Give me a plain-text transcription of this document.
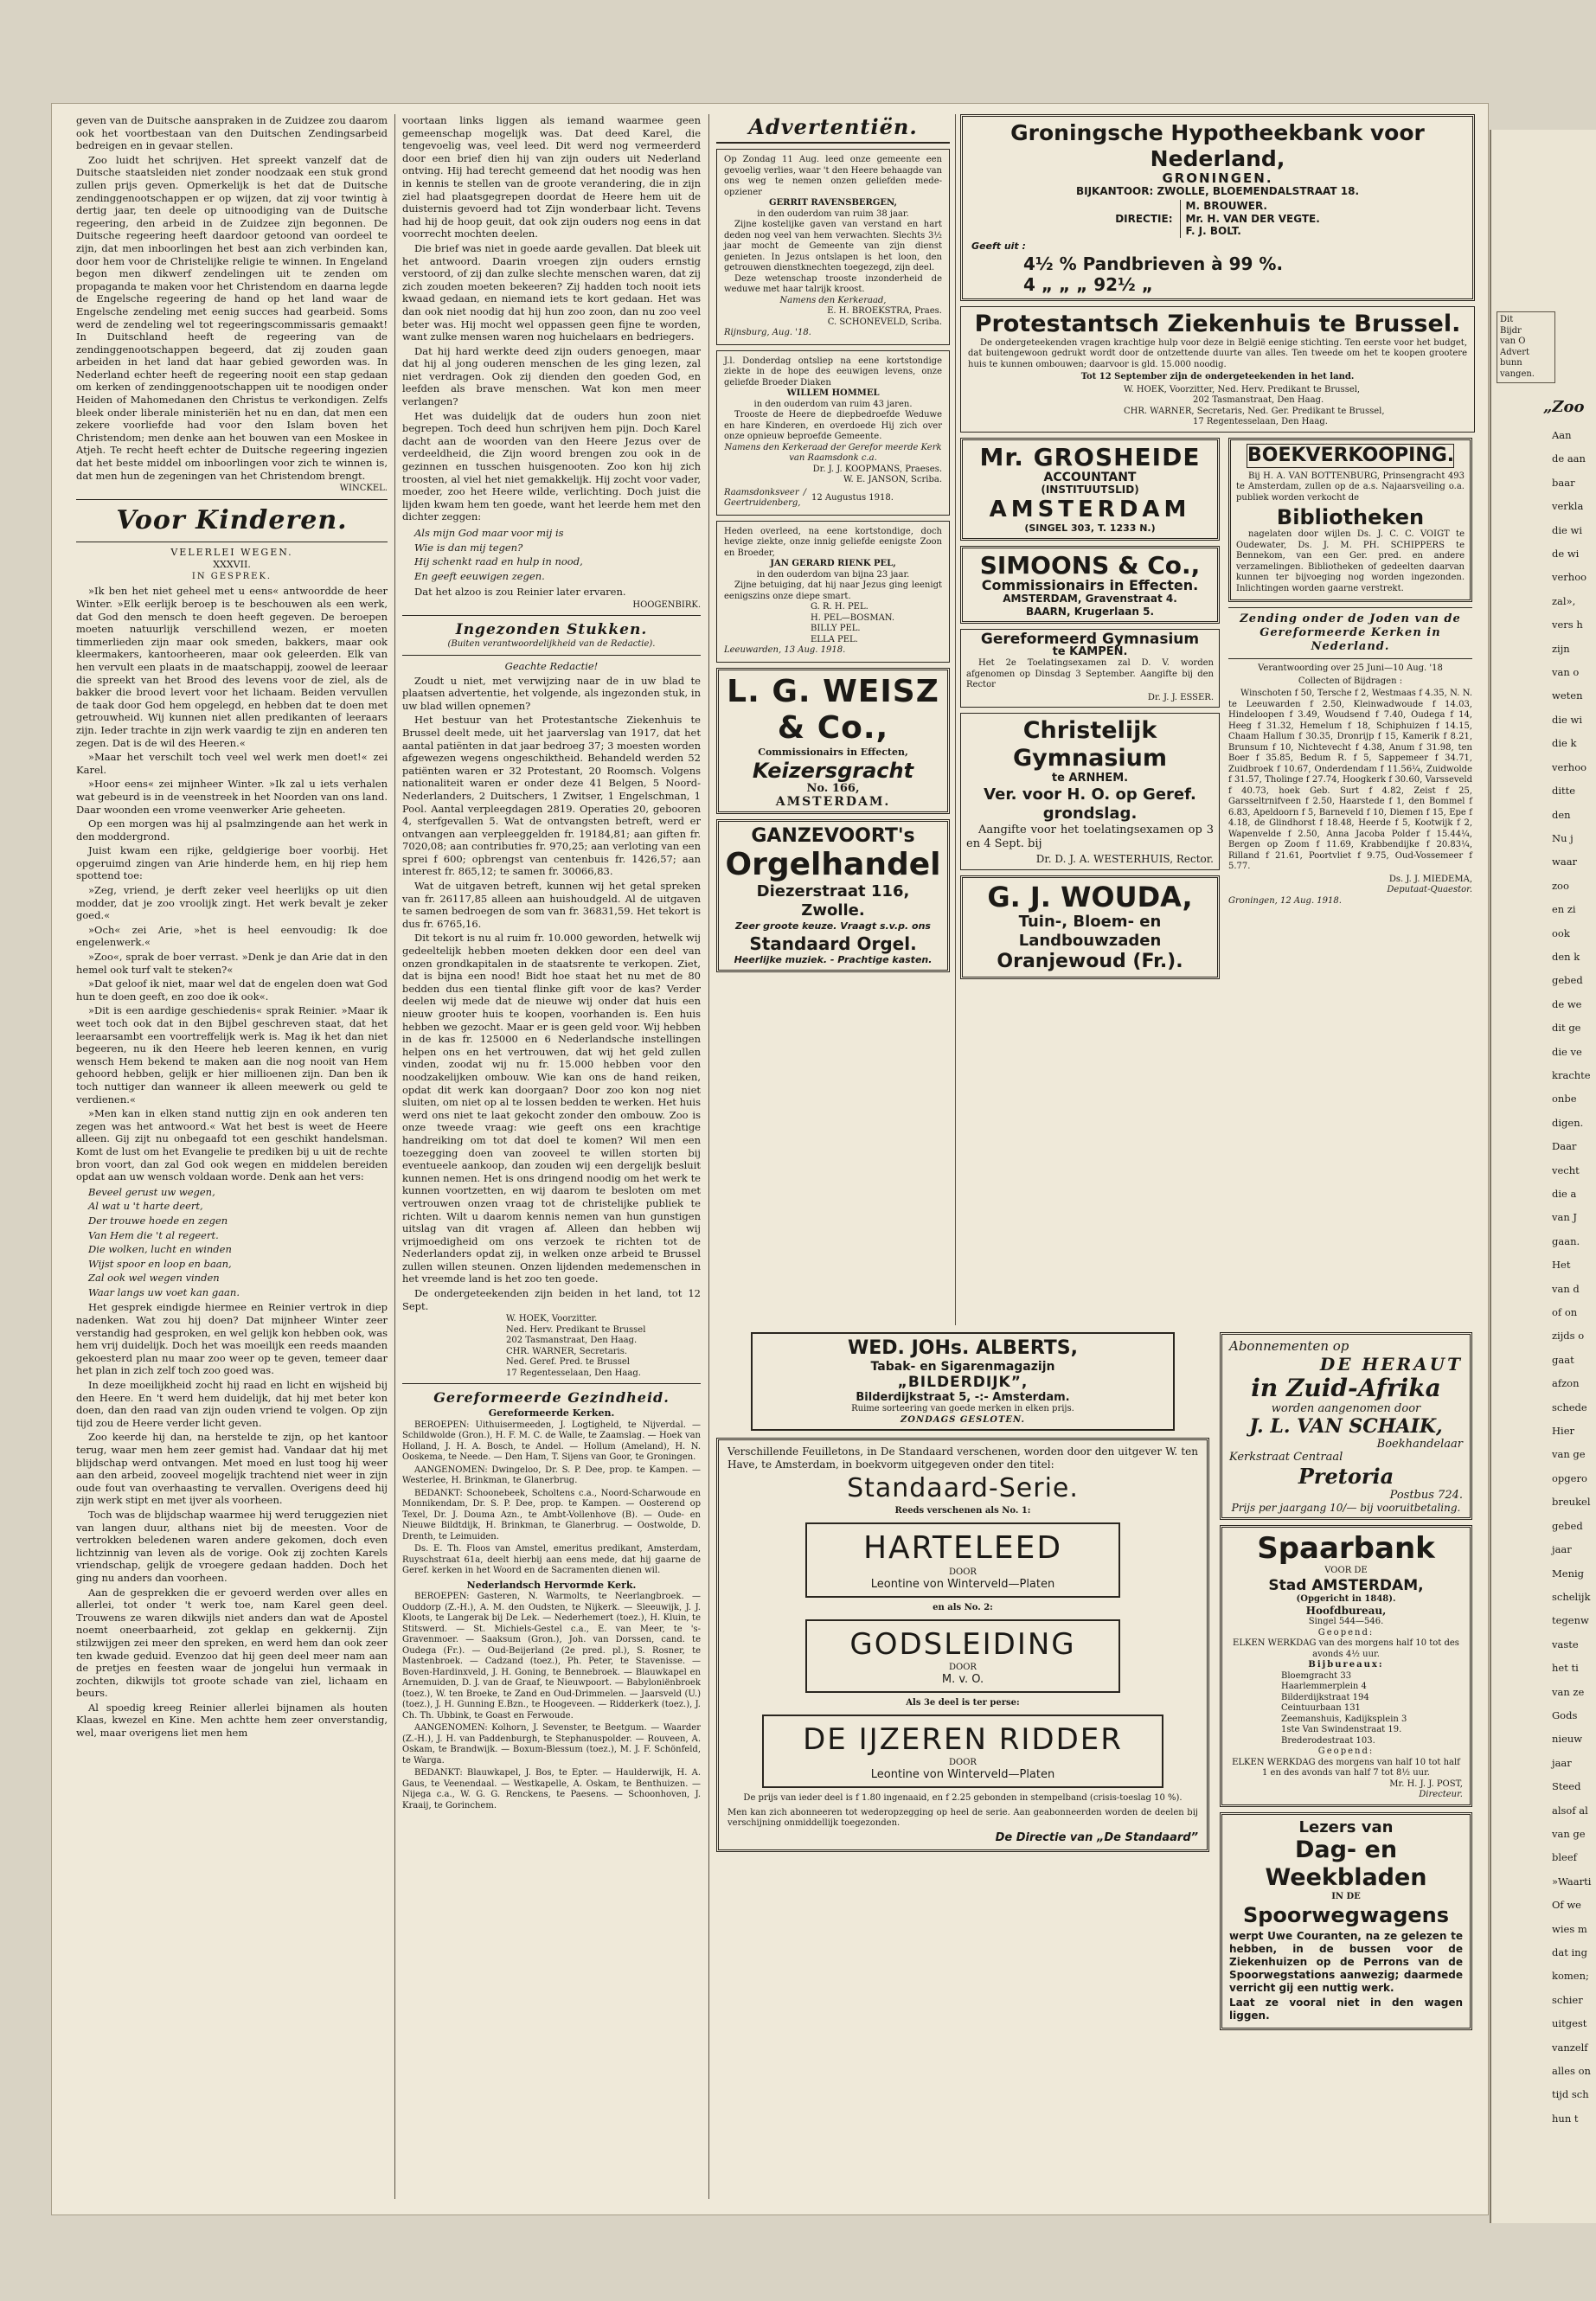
geven van de Duitsche aanspraken in de Zuidzee zou daarom ook het voortbestaan van den Duitschen Zendingsarbeid bedreigen en in gevaar stellen.

Zoo luidt het schrijven. Het spreekt vanzelf dat de Duitsche staatsleiden niet zonder noodzaak een stuk grond zullen prijs geven. Opmerkelijk is het dat de Duitsche zendinggenootschappen er op wijzen, dat zij voor twintig à dertig jaar, ten deele op uitnoodiging van de Duitsche regeering, den arbeid in de Zuidzee zijn begonnen. De Duitsche regeering heeft daardoor getoond van oordeel te zijn, dat men inboorlingen het best aan zich verbinden kan, door hem voor de Christelijke religie te winnen. In Engeland begon men dikwerf zendelingen uit te zenden om propaganda te maken voor het Christendom en daarna legde de Engelsche regeering de hand op het land waar de Engelsche zendeling met eenig succes had gearbeid. Soms werd de zendeling wel tot regeeringscommissaris gemaakt! In Duitschland heeft de regeering van de zendinggenootschappen begeerd, dat zij zouden gaan arbeiden in het land dat haar gebied geworden was. In Nederland echter heeft de regeering nooit een stap gedaan om kerken of zendinggenootschappen uit te noodigen onder Heiden of Mahomedanen den Christus te verkondigen. Zelfs bleek onder liberale ministeriën het nu en dan, dat men een zekere voorliefde had voor den Islam boven het Christendom; men denke aan het bouwen van een Moskee in Atjeh. Te recht heeft echter de Duitsche regeering ingezien dat het beste middel om inboorlingen voor zich te winnen is, dat men hun de zegeningen van het Christendom brengt.

WINCKEL.

Voor Kinderen.
VELERLEI WEGEN.
XXXVII.
IN GESPREK.

»Ik ben het niet geheel met u eens« antwoordde de heer Winter. »Elk eerlijk beroep is te beschouwen als een werk, dat God den mensch te doen heeft gegeven. De beroepen moeten natuurlijk verschillend wezen, er moeten timmerlieden zijn maar ook smeden, bakkers, maar ook kleermakers, kantoorheeren, maar ook geleerden. Elk van hen vervult een plaats in de maatschappij, zoowel de leeraar die spreekt van het Brood des levens voor de ziel, als de bakker die brood levert voor het lichaam. Beiden vervullen de taak door God hem opgelegd, en hebben dat te doen met getrouwheid. Wij kunnen niet allen predikanten of leeraars zijn. Ieder trachte in zijn werk vaardig te zijn en anderen ten zegen. Dat is de wil des Heeren.«

»Maar het verschilt toch veel wel werk men doet!« zei Karel.

»Hoor eens« zei mijnheer Winter. »Ik zal u iets verhalen wat gebeurd is in de veenstreek in het Noorden van ons land. Daar woonden een vrome veenwerker Arie geheeten.

Op een morgen was hij al psalmzingende aan het werk in den moddergrond.

Juist kwam een rijke, geldgierige boer voorbij. Het opgeruimd zingen van Arie hinderde hem, en hij riep hem spottend toe:

»Zeg, vriend, je derft zeker veel heerlijks op uit dien modder, dat je zoo vroolijk zingt. Het werk bevalt je zeker goed.«

»Och« zei Arie, »het is heel eenvoudig: Ik doe engelenwerk.«

»Zoo«, sprak de boer verrast. »Denk je dan Arie dat in den hemel ook turf valt te steken?«

»Dat geloof ik niet, maar wel dat de engelen doen wat God hun te doen geeft, en zoo doe ik ook«.

»Dit is een aardige geschiedenis« sprak Reinier. »Maar ik weet toch ook dat in den Bijbel geschreven staat, dat het leeraarsambt een voortreffelijk werk is. Mag ik het dan niet begeeren, nu ik den Heere heb leeren kennen, en vurig wensch Hem bekend te maken aan die nog nooit van Hem gehoord hebben, gelijk er hier millioenen zijn. Dan ben ik toch nuttiger dan wanneer ik alleen meewerk ou geld te verdienen.«

»Men kan in elken stand nuttig zijn en ook anderen ten zegen was het antwoord.« Wat het best is weet de Heere alleen. Gij zijt nu onbegaafd tot een geschikt handelsman. Komt de lust om het Evangelie te prediken bij u uit de rechte bron voort, dan zal God ook wegen en middelen bereiden opdat aan uw wensch voldaan worde. Denk aan het vers:

Beveel gerust uw wegen,

Al wat u 't harte deert,

Der trouwe hoede en zegen

Van Hem die 't al regeert.

Die wolken, lucht en winden

Wijst spoor en loop en baan,

Zal ook wel wegen vinden

Waar langs uw voet kan gaan.

Het gesprek eindigde hiermee en Reinier vertrok in diep nadenken. Wat zou hij doen? Dat mijnheer Winter zeer verstandig had gesproken, en wel gelijk kon hebben ook, was hem vrij duidelijk. Doch het was moeilijk een reeds maanden gekoesterd plan nu maar zoo weer op te geven, temeer daar het plan in zich zelf toch zoo goed was.

In deze moeilijkheid zocht hij raad en licht en wijsheid bij den Heere. En 't werd hem duidelijk, dat hij met beter kon doen, dan den raad van zijn ouden vriend te volgen. Op zijn tijd zou de Heere verder licht geven.

Zoo keerde hij dan, na herstelde te zijn, op het kantoor terug, waar men hem zeer gemist had. Vandaar dat hij met blijdschap werd ontvangen. Met moed en lust toog hij weer aan den arbeid, zooveel mogelijk trachtend niet weer in zijn oude fout van overhaasting te vervallen. Overigens deed hij zijn werk stipt en met ijver als voorheen.

Toch was de blijdschap waarmee hij werd teruggezien niet van langen duur, althans niet bij de meesten. Voor de vertrokken beledenen waren andere gekomen, doch even lichtzinnig van leven als de vorige. Ook zij zochten Karels vriendschap, gelijk de vroegere gedaan hadden. Doch het ging nu anders dan voorheen.

Aan de gesprekken die er gevoerd werden over alles en allerlei, tot onder 't werk toe, nam Karel geen deel. Trouwens ze waren dikwijls niet anders dan wat de Apostel noemt oneerbaarheid, zot geklap en gekkernij. Zijn stilzwijgen zei meer den spreken, en werd hem dan ook zeer ten kwade geduid. Evenzoo dat hij geen deel meer nam aan de pretjes en feesten waar de jongelui hun vermaak in zochten, dikwijls tot groote schade van ziel, lichaam en beurs.

Al spoedig kreeg Reinier allerlei bijnamen als houten Klaas, kwezel en Kine. Men achtte hem zeer onverstandig, wel, maar overigens liet men hem

voortaan links liggen als iemand waarmee geen gemeenschap mogelijk was. Dat deed Karel, die tengevoelig was, veel leed. Dit werd nog vermeerderd door een brief dien hij van zijn ouders uit Nederland ontving. Hij had terecht gemeend dat het noodig was hen in kennis te stellen van de groote verandering, die in zijn ziel had plaatsgegrepen doordat de Heere hem uit de duisternis gevoerd had tot Zijn wonderbaar licht. Tevens had hij de hoop geuit, dat ook zijn ouders nog eens in dat voorrecht mochten deelen.

Die brief was niet in goede aarde gevallen. Dat bleek uit het antwoord. Daarin vroegen zijn ouders ernstig verstoord, of zij dan zulke slechte menschen waren, dat zij zich zouden moeten bekeeren? Zij hadden toch nooit iets kwaad gedaan, en niemand iets te kort gedaan. Het was dan ook niet noodig dat hij hun zoo zoon, dan nu zoo veel beter was. Hij mocht wel oppassen geen fijne te worden, want zulke mensen waren nog huichelaars en bedriegers.

Dat hij hard werkte deed zijn ouders genoegen, maar dat hij al jong ouderen menschen de les ging lezen, zal niet verdragen. Ook zij dienden den goeden God, en leefden als brave menschen. Wat kon men meer verlangen?

Het was duidelijk dat de ouders hun zoon niet begrepen. Toch deed hun schrijven hem pijn. Doch Karel dacht aan de woorden van den Heere Jezus over de verdeeldheid, die Zijn woord brengen zou ook in de gezinnen en tusschen huisgenooten. Zoo kon hij zich troosten, al viel het niet gemakkelijk. Hij zocht voor vader, moeder, zoo het Heere wilde, verlichting. Doch juist die lijden kwam hem ten goede, want het leerde hem met den dichter zeggen:

Als mijn God maar voor mij is

Wie is dan mij tegen?

Hij schenkt raad en hulp in nood,

En geeft eeuwigen zegen.

Dat het alzoo is zou Reinier later ervaren.

HOOGENBIRK.

Ingezonden Stukken.
(Buiten verantwoordelijkheid van de Redactie).

Geachte Redactie!

Zoudt u niet, met verwijzing naar de in uw blad te plaatsen advertentie, het volgende, als ingezonden stuk, in uw blad willen opnemen?

Het bestuur van het Protestantsche Ziekenhuis te Brussel deelt mede, uit het jaarverslag van 1917, dat het aantal patiënten in dat jaar bedroeg 37; 3 moesten worden afgewezen wegens ongeschiktheid. Behandeld werden 52 patiënten waren er 32 Protestant, 20 Roomsch. Volgens nationaliteit waren er onder deze 41 Belgen, 5 Noord-Nederlanders, 2 Duitschers, 1 Zwitser, 1 Engelschman, 1 Pool. Aantal verpleegdagen 2819. Operaties 20, gebooren 4, sterfgevallen 5. Wat de ontvangsten betreft, werd er ontvangen aan verpleeggelden fr. 19184,81; aan giften fr. 7020,08; aan contributies fr. 970,25; aan verloting van een sprei f 600; opbrengst van centenbuis fr. 1426,57; aan interest fr. 865,12; te samen fr. 30066,83.

Wat de uitgaven betreft, kunnen wij het getal spreken van fr. 26117,85 alleen aan huishoudgeld. Al de uitgaven te samen bedroegen de som van fr. 36831,59. Het tekort is dus fr. 6765,16.

Dit tekort is nu al ruim fr. 10.000 geworden, hetwelk wij gedeeltelijk hebben moeten dekken door een deel van onzen grondkapitalen in de staatsrente te verkopen. Ziet, dat is bijna een nood! Bidt hoe staat het nu met de 80 bedden dus een tiental flinke gift voor de kas? Verder deelen wij mede dat de nieuwe wij onder dat huis een nieuw grooter huis te koopen, voorhanden is. Een huis hebben we gezocht. Maar er is geen geld voor. Wij hebben in de kas fr. 125000 en 6 Nederlandsche instellingen helpen ons en het vertrouwen, dat wij het geld zullen vinden, zoodat wij nu fr. 15.000 hebben voor den noodzakelijken ombouw. Wie kan ons de hand reiken, opdat dit werk kan doorgaan? Door zoo kon nog niet sluiten, om niet op al te lossen bedden te werken. Het huis werd ons niet te laat gekocht zonder den ombouw. Zoo is onze tweede vraag: wie geeft ons een krachtige handreiking om tot dat doel te komen? Wil men een toezegging doen van zooveel te willen storten bij eventueele aankoop, dan zouden wij een dergelijk besluit kunnen nemen. Het is ons dringend noodig om het werk te kunnen voortzetten, en wij daarom te besloten om met vertrouwen onzen vraag tot de christelijke publiek te richten. Wilt u daarom kennis nemen van hun gunstigen uitslag van dit vragen af. Alleen dan hebben wij vrijmoedigheid om ons verzoek te richten tot de Nederlanders opdat zij, in welken onze arbeid te Brussel zullen willen steunen. Onzen lijdenden medemenschen in het vreemde land is het zoo ten goede.

De ondergeteekenden zijn beiden in het land, tot 12 Sept.

W. HOEK, Voorzitter.
Ned. Herv. Predikant te Brussel
202 Tasmanstraat, Den Haag.
CHR. WARNER, Secretaris.
Ned. Geref. Pred. te Brussel
17 Regentesselaan, Den Haag.
Gereformeerde Gezindheid.
Gereformeerde Kerken.

BEROEPEN: Uithuisermeeden, J. Logtigheld, te Nijverdal. — Schildwolde (Gron.), H. F. M. C. de Walle, te Zaamslag. — Hoek van Holland, J. H. A. Bosch, te Andel. — Hollum (Ameland), H. N. Ooskema, te Neede. — Den Ham, T. Sijens van Goor, te Groningen.

AANGENOMEN: Dwingeloo, Dr. S. P. Dee, prop. te Kampen. — Westerlee, H. Brinkman, te Glanerbrug.

BEDANKT: Schoonebeek, Scholtens c.a., Noord-Scharwoude en Monnikendam, Dr. S. P. Dee, prop. te Kampen. — Oosterend op Texel, Dr. J. Douma Azn., te Ambt-Vollenhove (B). — Oude- en Nieuwe Bildtdijk, H. Brinkman, te Glanerbrug. — Oostwolde, D. Drenth, te Leimuiden.

Ds. E. Th. Floos van Amstel, emeritus predikant, Amsterdam, Ruyschstraat 61a, deelt hierbij aan eens mede, dat hij gaarne de Geref. kerken in het Woord en de Sacramenten dienen wil.

Nederlandsch Hervormde Kerk.

BEROEPEN: Gasteren, N. Warmolts, te Neerlangbroek. — Ouddorp (Z.-H.), A. M. den Oudsten, te Nijkerk. — Sleeuwijk, J. J. Kloots, te Langerak bij De Lek. — Nederhemert (toez.), H. Kluin, te Stitswerd. — St. Michiels-Gestel c.a., E. van Meer, te 's-Gravenmoer. — Saaksum (Gron.), Joh. van Dorssen, cand. te Oudega (Fr.). — Oud-Beijerland (2e pred. pl.), S. Rosner, te Mastenbroek. — Cadzand (toez.), Ph. Peter, te Stavenisse. — Boven-Hardinxveld, J. H. Goning, te Bennebroek. — Blauwkapel en Arnemuiden, D. J. van de Graaf, te Nieuwpoort. — Babyloniënbroek (toez.), W. ten Broeke, te Zand en Oud-Drimmelen. — Jaarsveld (U.) (toez.), J. H. Gunning E.Bzn., te Hoogeveen. — Ridderkerk (toez.), J. Ch. Th. Ubbink, te Goast en Ferwoude.

AANGENOMEN: Kolhorn, J. Sevenster, te Beetgum. — Waarder (Z.-H.), J. H. van Paddenburgh, te Stephanuspolder. — Rouveen, A. Oskam, te Brandwijk. — Boxum-Blessum (toez.), M. J. F. Schönfeld, te Warga.

BEDANKT: Blauwkapel, J. Bos, te Epter. — Haulderwijk, H. A. Gaus, te Veenendaal. — Westkapelle, A. Oskam, te Benthuizen. — Nijega c.a., W. G. G. Renckens, te Paesens. — Schoonhoven, J. Kraaij, te Gorinchem.

Advertentiën.
Op Zondag 11 Aug. leed onze gemeente een gevoelig verlies, waar 't den Heere behaagde van ons weg te nemen onzen geliefden mede-opziener
GERRIT RAVENSBERGEN,
in den ouderdom van ruim 38 jaar.
Zijne kostelijke gaven van verstand en hart deden nog veel van hem verwachten. Slechts 3½ jaar mocht de Gemeente van zijn dienst genieten. In Jezus ontslapen is het loon, den getrouwen dienstknechten toegezegd, zijn deel.
Deze wetenschap trooste inzonderheid de weduwe met haar talrijk kroost.
Namens den Kerkeraad,
E. H. BROEKSTRA, Praes.
C. SCHONEVELD, Scriba.
Rijnsburg, Aug. '18.
J.l. Donderdag ontsliep na eene kortstondige ziekte in de hope des eeuwigen levens, onze geliefde Broeder Diaken
WILLEM HOMMEL
in den ouderdom van ruim 43 jaren.
Trooste de Heere de diepbedroefde Weduwe en hare Kinderen, en overdoede Hij zich over onze opnieuw beproefde Gemeente.
Namens den Kerkeraad der Gerefor meerde Kerk van Raamsdonk c.a.
Dr. J. J. KOOPMANS, Praeses.
W. E. JANSON, Scriba.
Raamsdonksveer / Geertruidenberg,
12 Augustus 1918.
Heden overleed, na eene kortstondige, doch hevige ziekte, onze innig geliefde eenigste Zoon en Broeder,
JAN GERARD RIENK PEL,
in den ouderdom van bijna 23 jaar.
Zijne betuiging, dat hij naar Jezus ging leenigt eenigszins onze diepe smart.
G. R. H. PEL.
H. PEL—BOSMAN.
BILLY PEL.
ELLA PEL.
Leeuwarden, 13 Aug. 1918.
L. G. WEISZ & Co.,
Commissionairs in Effecten,
Keizersgracht
No. 166,
AMSTERDAM.
GANZEVOORT's
Orgelhandel
Diezerstraat 116, Zwolle.
Zeer groote keuze. Vraagt s.v.p. ons
Standaard Orgel.
Heerlijke muziek. - Prachtige kasten.
Groningsche Hypotheekbank voor Nederland,
GRONINGEN.
BIJKANTOOR: ZWOLLE, BLOEMENDALSTRAAT 18.
DIRECTIE:
M. BROUWER.
Mr. H. VAN DER VEGTE.
F. J. BOLT.
Geeft uit :
4½ % Pandbrieven à 99 %.
4 „ „ „ 92½ „
Protestantsch Ziekenhuis te Brussel.

De ondergeteekenden vragen krachtige hulp voor deze in België eenige stichting. Ten eerste voor het budget, dat buitengewoon gedrukt wordt door de ontzettende duurte van alles. Ten tweede om het te koopen grootere huis te kunnen ombouwen; daarvoor is gld. 15.000 noodig.

Tot 12 September zijn de ondergeteekenden in het land.

W. HOEK, Voorzitter, Ned. Herv. Predikant te Brussel,
202 Tasmanstraat, Den Haag.
CHR. WARNER, Secretaris, Ned. Ger. Predikant te Brussel,
17 Regentesselaan, Den Haag.
Mr. GROSHEIDE
ACCOUNTANT
(INSTITUUTSLID)
AMSTERDAM
(SINGEL 303, T. 1233 N.)
SIMOONS & Co.,
Commissionairs in Effecten.
AMSTERDAM, Gravenstraat 4.
BAARN, Krugerlaan 5.
Gereformeerd Gymnasium
te KAMPEN.

Het 2e Toelatingsexamen zal D. V. worden afgenomen op Dinsdag 3 September. Aangifte bij den Rector

Dr. J. J. ESSER.
Christelijk Gymnasium
te ARNHEM.
Ver. voor H. O. op Geref. grondslag.

Aangifte voor het toelatingsexamen op 3 en 4 Sept. bij

Dr. D. J. A. WESTERHUIS, Rector.
G. J. WOUDA,
Tuin-, Bloem- en Landbouwzaden
Oranjewoud (Fr.).
BOEKVERKOOPING.

Bij H. A. VAN BOTTENBURG, Prinsengracht 493 te Amsterdam, zullen op de a.s. Najaarsveiling o.a. publiek worden verkocht de

Bibliotheken

nagelaten door wijlen Ds. J. C. C. VOIGT te Oudewater, Ds. J. M. PH. SCHIPPERS te Bennekom, van een Ger. pred. en andere verzamelingen. Bibliotheken of gedeelten daarvan kunnen ter bijvoeging nog worden ingezonden. Inlichtingen worden gaarne verstrekt.

Zending onder de Joden van de Gereformeerde Kerken in Nederland.

Verantwoording over 25 Juni—10 Aug. '18

Collecten of Bijdragen :

Winschoten f 50, Tersche f 2, Westmaas f 4.35, N. N. te Leeuwarden f 2.50, Kleinwadwoude f 14.03, Hindeloopen f 3.49, Woudsend f 7.40, Oudega f 14, Heeg f 31.32, Hemelum f 18, Schiphuizen f 14.15, Chaam Hallum f 30.35, Dronrijp f 15, Kamerik f 8.21, Brunsum f 10, Nichtevecht f 4.38, Anum f 31.98, ten Boer f 35.85, Bedum R. f 5, Sappemeer f 34.71, Zuidbroek f 10.67, Onderdendam f 11.56¼, Zuidwolde f 31.57, Tholinge f 27.74, Hoogkerk f 30.60, Varsseveld f 40.73, hoek Geb. Surt f 4.82, Zeist f 25, Garsseltrnifveen f 2.50, Haarstede f 1, den Bommel f 6.83, Apeldoorn f 5, Barneveld f 10, Diemen f 15, Epe f 4.18, de Glindhorst f 18.48, Heerde f 5, Kootwijk f 2, Wapenvelde f 2.50, Anna Jacoba Polder f 15.44¼, Bergen op Zoom f 11.69, Krabbendijke f 20.83¼, Rilland f 21.61, Poortvliet f 9.75, Oud-Vossemeer f 5.77.

Ds. J. J. MIEDEMA,
Deputaat-Quaestor.
Groningen, 12 Aug. 1918.
WED. JOHs. ALBERTS,
Tabak- en Sigarenmagazijn
„BILDERDIJK”,
Bilderdijkstraat 5, -:- Amsterdam.
Ruime sorteering van goede merken in elken prijs.
ZONDAGS GESLOTEN.

Verschillende Feuilletons, in De Standaard verschenen, worden door den uitgever W. ten Have, te Amsterdam, in boekvorm uitgegeven onder den titel:

Standaard-Serie.
Reeds verschenen als No. 1:
HARTELEED
DOOR
Leontine von Winterveld—Platen
en als No. 2:
GODSLEIDING
DOOR
M. v. O.
Als 3e deel is ter perse:
DE IJZEREN RIDDER
DOOR
Leontine von Winterveld—Platen

De prijs van ieder deel is f 1.80 ingenaaid, en f 2.25 gebonden in stempelband (crisis-toeslag 10 %).

Men kan zich abonneeren tot wederopzegging op heel de serie. Aan geabonneerden worden de deelen bij verschijning onmiddellijk toegezonden.

De Directie van „De Standaard”
Abonnementen op
DE HERAUT
in Zuid-Afrika
worden aangenomen door
J. L. VAN SCHAIK,
Boekhandelaar
Kerkstraat Centraal
Pretoria
Postbus 724.
Prijs per jaargang 10/— bij vooruitbetaling.
Spaarbank
VOOR DE
Stad AMSTERDAM,
(Opgericht in 1848).
Hoofdbureau,
Singel 544—546.
Geopend:
ELKEN WERKDAG van des morgens half 10 tot des avonds 4½ uur.
Bijbureaux:
Bloemgracht 33
Haarlemmerplein 4
Bilderdijkstraat 194
Ceintuurbaan 131
Zeemanshuis, Kadijksplein 3
1ste Van Swindenstraat 19.
Brederodestraat 103.
Geopend:
ELKEN WERKDAG des morgens van half 10 tot half 1 en des avonds van half 7 tot 8½ uur.
Mr. H. J. J. POST,
Directeur.
Lezers van
Dag- en Weekbladen
IN DE
Spoorwegwagens

werpt Uwe Couranten, na ze gelezen te hebben, in de bussen voor de Ziekenhuizen op de Perrons van de Spoorwegstations aanwezig; daarmede verricht gij een nuttig werk.

Laat ze vooral niet in den wagen liggen.

Dit
Bijdr
van O
Advert
bunn
vangen.
„Zoo
Aan
de aan
baar
verkla
die wi
de wi
verhoo
zal»,
vers h
zijn
van o
weten
die wi
die k
verhoo
ditte
den
Nu j
waar
zoo
en zi
ook
den k
gebed
de we
dit ge
die ve
krachte
onbe
digen.
Daar
vecht
die a
van J
gaan.
Het
van d
of on
zijds o
gaat
afzon
schede
Hier
van ge
opgero
breukel
gebed
jaar
Menig
schelijk
tegenw
vaste
het ti
van ze
Gods
nieuw
jaar
Steed
alsof al
van ge
bleef
»Waarti
Of we
wies m
dat ing
komen;
schier
uitgest
vanzelf
alles on
tijd sch
hun t
